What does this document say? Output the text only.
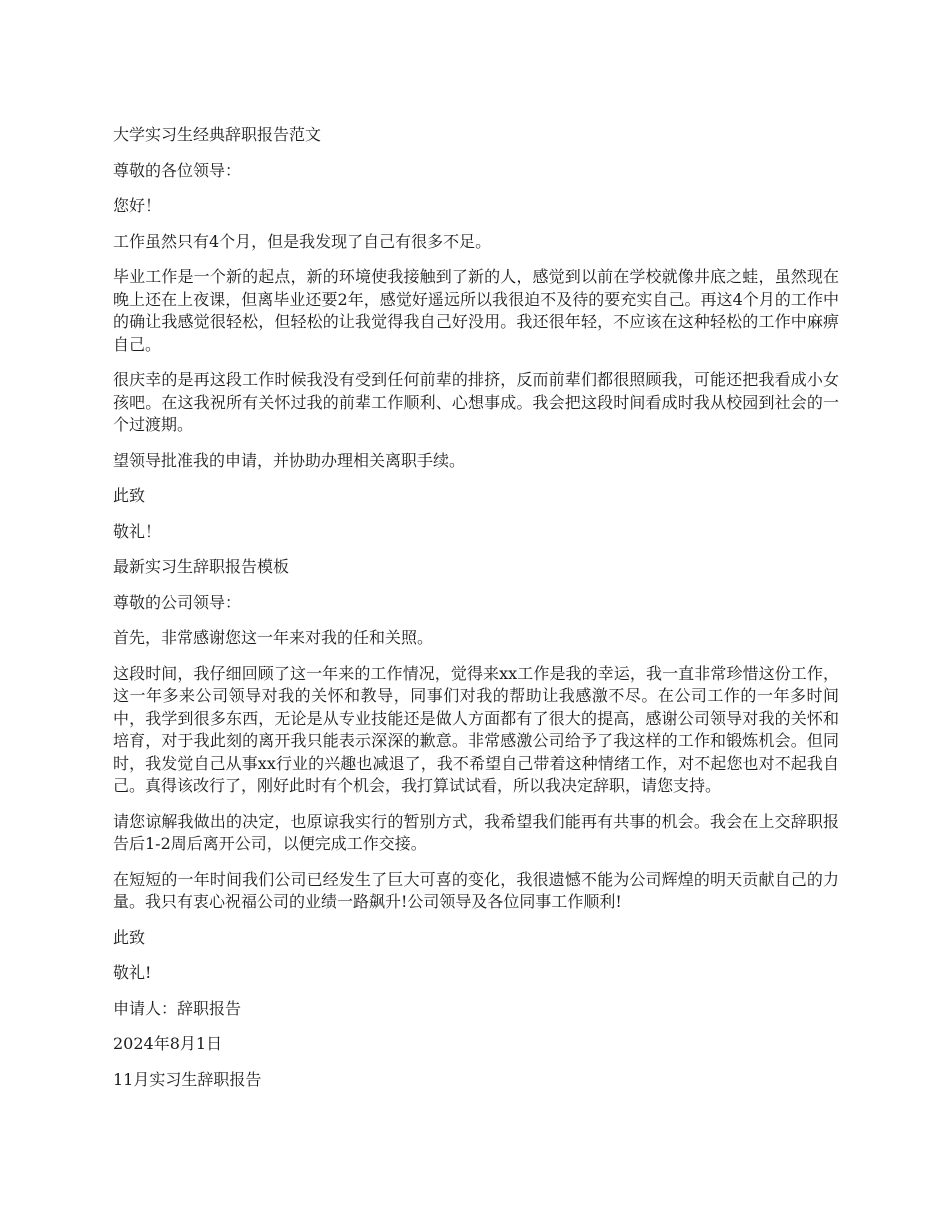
大学实习生经典辞职报告范文

尊敬的各位领导：

您好！

工作虽然只有4个月，但是我发现了自己有很多不足。

毕业工作是一个新的起点，新的环境使我接触到了新的人，感觉到以前在学校就像井底之蛙，虽然现在晚上还在上夜课，但离毕业还要2年，感觉好遥远所以我很迫不及待的要充实自己。再这4个月的工作中的确让我感觉很轻松，但轻松的让我觉得我自己好没用。我还很年轻，不应该在这种轻松的工作中麻痹自己。

很庆幸的是再这段工作时候我没有受到任何前辈的排挤，反而前辈们都很照顾我，可能还把我看成小女孩吧。在这我祝所有关怀过我的前辈工作顺利、心想事成。我会把这段时间看成时我从校园到社会的一个过渡期。

望领导批准我的申请，并协助办理相关离职手续。

此致

敬礼！

最新实习生辞职报告模板

尊敬的公司领导：

首先，非常感谢您这一年来对我的任和关照。

这段时间，我仔细回顾了这一年来的工作情况，觉得来xx工作是我的幸运，我一直非常珍惜这份工作，这一年多来公司领导对我的关怀和教导，同事们对我的帮助让我感激不尽。在公司工作的一年多时间中，我学到很多东西，无论是从专业技能还是做人方面都有了很大的提高，感谢公司领导对我的关怀和培育，对于我此刻的离开我只能表示深深的歉意。非常感激公司给予了我这样的工作和锻炼机会。但同时，我发觉自己从事xx行业的兴趣也减退了，我不希望自己带着这种情绪工作，对不起您也对不起我自己。真得该改行了，刚好此时有个机会，我打算试试看，所以我决定辞职，请您支持。

请您谅解我做出的决定，也原谅我实行的暂别方式，我希望我们能再有共事的机会。我会在上交辞职报告后1-2周后离开公司，以便完成工作交接。

在短短的一年时间我们公司已经发生了巨大可喜的变化，我很遗憾不能为公司辉煌的明天贡献自己的力量。我只有衷心祝福公司的业绩一路飙升!公司领导及各位同事工作顺利!

此致

敬礼!

申请人：辞职报告

2024年8月1日

11月实习生辞职报告
